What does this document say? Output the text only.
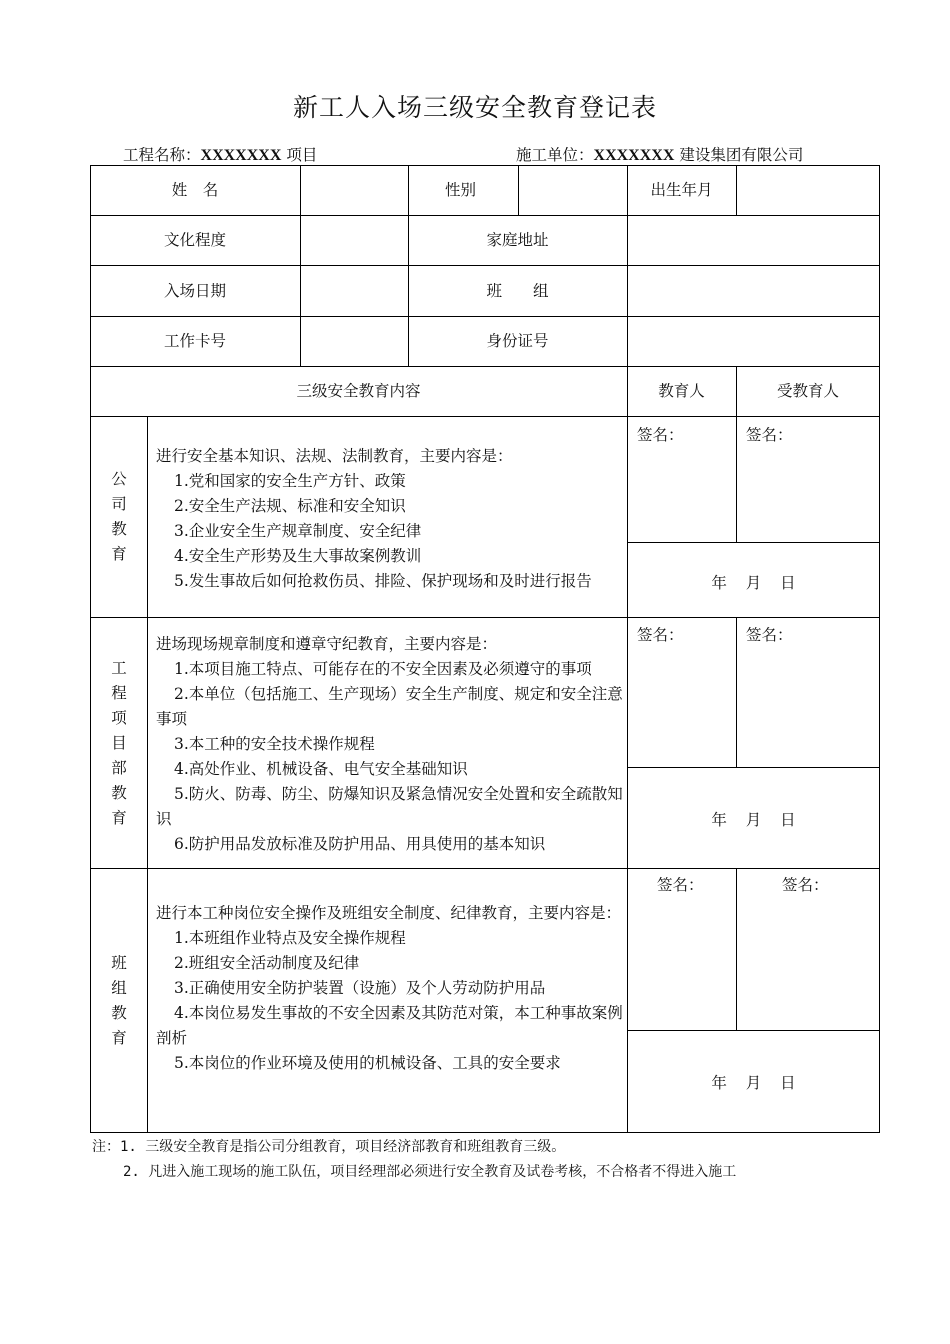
新工人入场三级安全教育登记表
工程名称：XXXXXXX 项目	施工单位：XXXXXXX 建设集团有限公司
姓　名	性别	出生年月
文化程度	家庭地址
入场日期	班　　组
工作卡号	身份证号
三级安全教育内容	教育人	受教育人
公
司
教
育

进行安全基本知识、法规、法制教育，主要内容是：

1.党和国家的安全生产方针、政策

2.安全生产法规、标准和安全知识

3.企业安全生产规章制度、安全纪律

4.安全生产形势及生大事故案例教训

5.发生事故后如何抢救伤员、排险、保护现场和及时进行报告

签名：	签名：
年 月 日
工
程
项
目
部
教
育

进场现场规章制度和遵章守纪教育，主要内容是：

1.本项目施工特点、可能存在的不安全因素及必须遵守的事项

2.本单位（包括施工、生产现场）安全生产制度、规定和安全注意事项

3.本工种的安全技术操作规程

4.高处作业、机械设备、电气安全基础知识

5.防火、防毒、防尘、防爆知识及紧急情况安全处置和安全疏散知识

6.防护用品发放标准及防护用品、用具使用的基本知识

签名：	签名：
年 月 日
班
组
教
育

进行本工种岗位安全操作及班组安全制度、纪律教育，主要内容是：

1.本班组作业特点及安全操作规程

2.班组安全活动制度及纪律

3.正确使用安全防护装置（设施）及个人劳动防护用品

4.本岗位易发生事故的不安全因素及其防范对策，本工种事故案例剖析

5.本岗位的作业环境及使用的机械设备、工具的安全要求

签名：	签名：
年 月 日
注：1. 三级安全教育是指公司分组教育，项目经济部教育和班组教育三级。
2. 凡进入施工现场的施工队伍，项目经理部必须进行安全教育及试卷考核，不合格者不得进入施工
